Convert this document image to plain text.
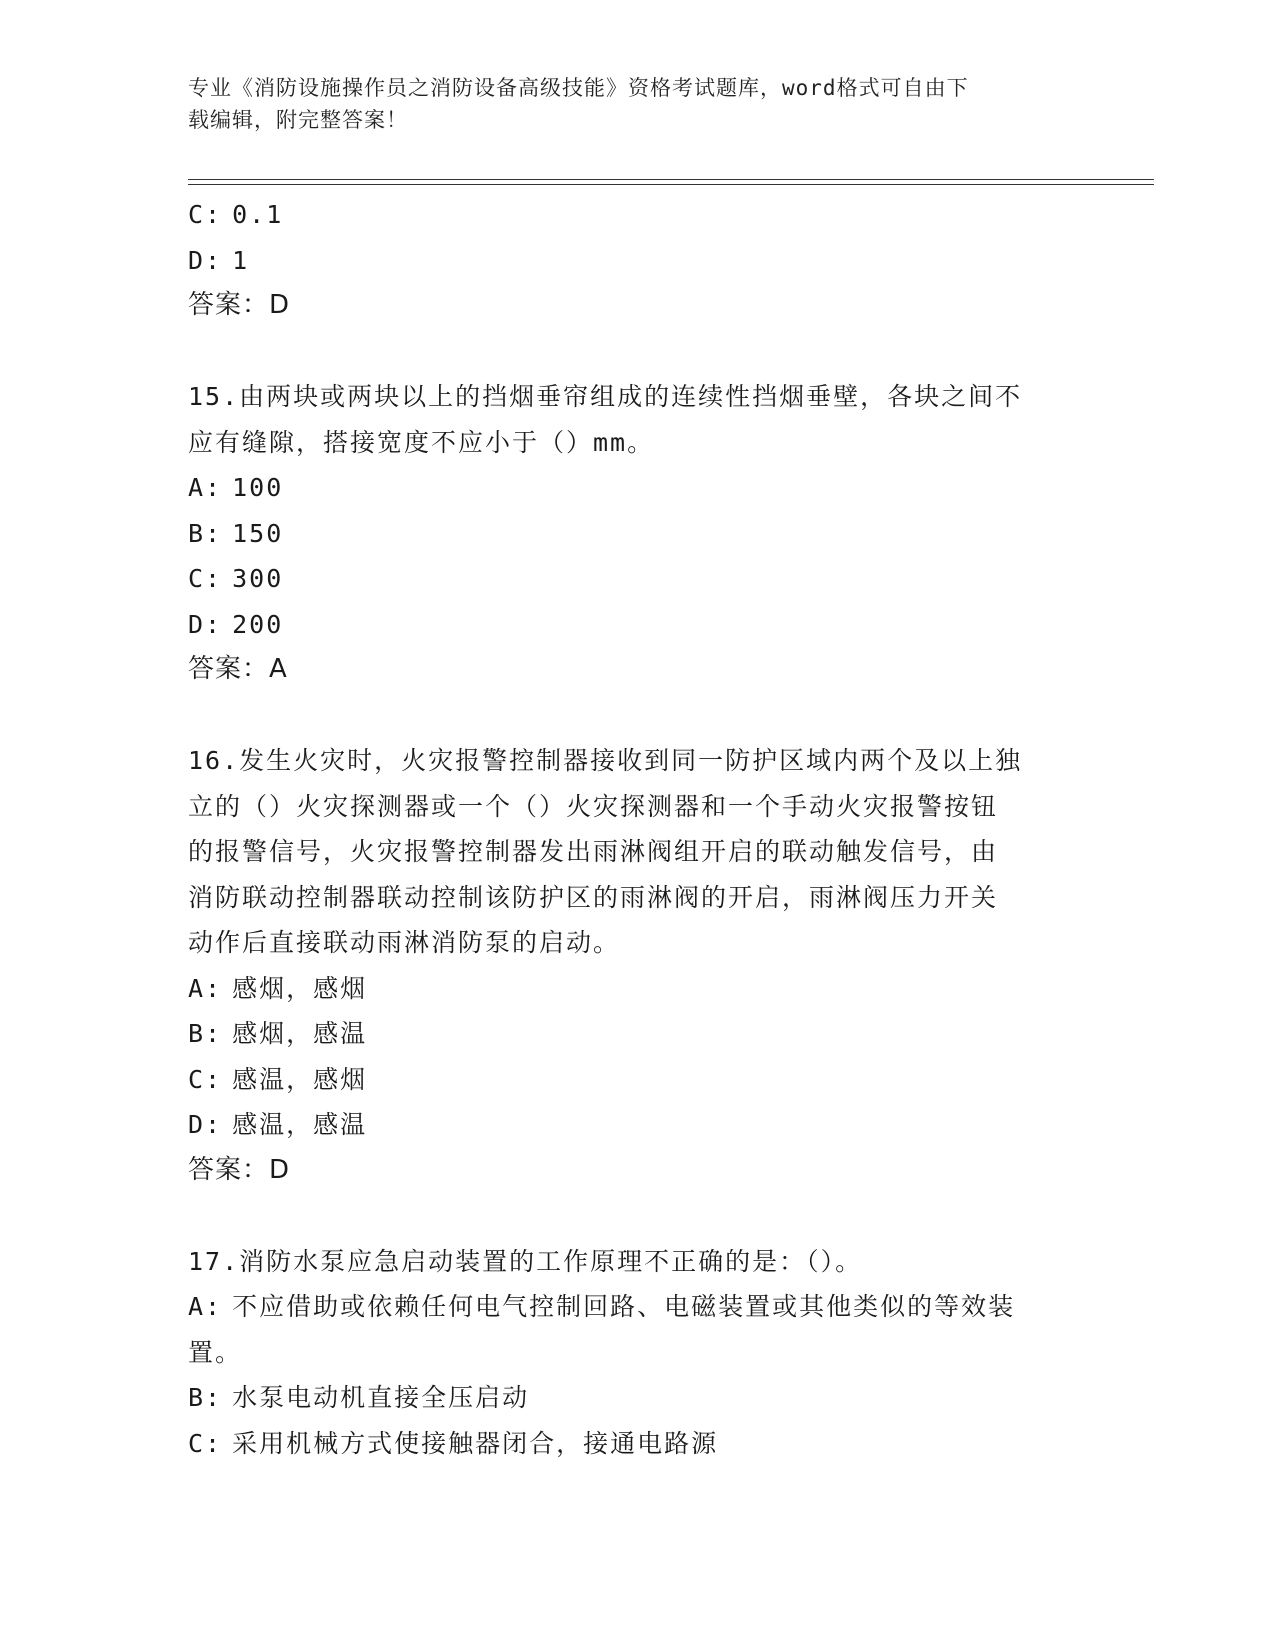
专业《消防设施操作员之消防设备高级技能》资格考试题库，word格式可自由下
载编辑，附完整答案！
C: 0.1
D: 1
答案：D
15.由两块或两块以上的挡烟垂帘组成的连续性挡烟垂壁，各块之间不
应有缝隙，搭接宽度不应小于（）mm。
A: 100
B: 150
C: 300
D: 200
答案：A
16.发生火灾时，火灾报警控制器接收到同一防护区域内两个及以上独
立的（）火灾探测器或一个（）火灾探测器和一个手动火灾报警按钮
的报警信号，火灾报警控制器发出雨淋阀组开启的联动触发信号，由
消防联动控制器联动控制该防护区的雨淋阀的开启，雨淋阀压力开关
动作后直接联动雨淋消防泵的启动。
A: 感烟，感烟
B: 感烟，感温
C: 感温，感烟
D: 感温，感温
答案：D
17.消防水泵应急启动装置的工作原理不正确的是：（）。
A: 不应借助或依赖任何电气控制回路、电磁装置或其他类似的等效装
置。
B: 水泵电动机直接全压启动
C: 采用机械方式使接触器闭合，接通电路源
